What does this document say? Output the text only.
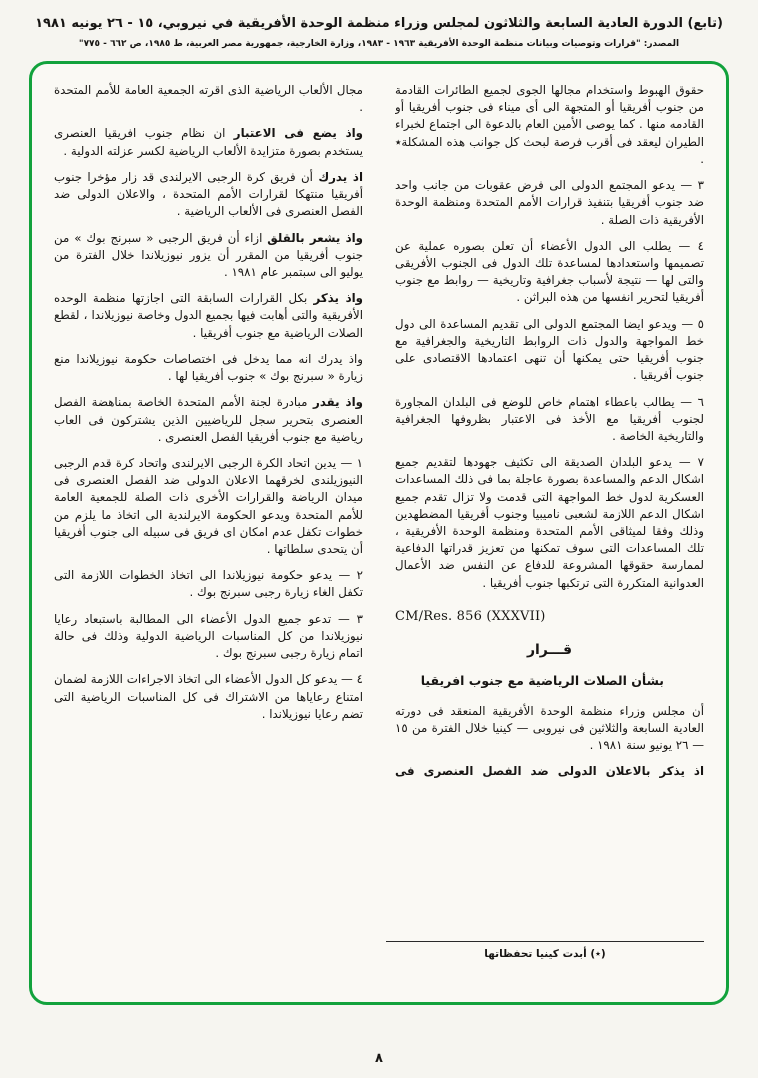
(تابع) الدورة العادية السابعة والثلاثون لمجلس وزراء منظمة الوحدة الأفريقية في نيروبي، ١٥ - ٢٦ يونيه ١٩٨١
المصدر: "قرارات وتوصيات وبيانات منظمة الوحدة الأفريقية ١٩٦٣ - ١٩٨٣، وزارة الخارجية، جمهورية مصر العربية، ط ١٩٨٥، ص ٦٦٢ - ٧٧٥"

حقوق الهبوط واستخدام مجالها الجوى لجميع الطائرات القادمة من جنوب أفريقيا أو المتجهة الى أى ميناء فى جنوب أفريقيا أو القادمه منها . كما يوصى الأمين العام بالدعوة الى اجتماع لخبراء الطيران ليعقد فى أقرب فرصة لبحث كل جوانب هذه المشكلة٭ .

٣ — يدعو المجتمع الدولى الى فرض عقوبات من جانب واحد ضد جنوب أفريقيا بتنفيذ قرارات الأمم المتحدة ومنظمة الوحدة الأفريقية ذات الصلة .

٤ — يطلب الى الدول الأعضاء أن تعلن بصوره عملية عن تصميمها واستعدادها لمساعدة تلك الدول فى الجنوب الأفريقى والتى لها — نتيجة لأسباب جغرافية وتاريخية — روابط مع جنوب أفريقيا لتحرير انفسها من هذه البراثن .

٥ — ويدعو ايضا المجتمع الدولى الى تقديم المساعدة الى دول خط المواجهة والدول ذات الروابط التاريخية والجغرافية مع جنوب أفريقيا حتى يمكنها أن تنهى اعتمادها الاقتصادى على جنوب أفريقيا .

٦ — يطالب باعطاء اهتمام خاص للوضع فى البلدان المجاورة لجنوب أفريقيا مع الأخذ فى الاعتبار بظروفها الجغرافية والتاريخية الخاصة .

٧ — يدعو البلدان الصديقة الى تكثيف جهودها لتقديم جميع اشكال الدعم والمساعدة بصورة عاجلة بما فى ذلك المساعدات العسكرية لدول خط المواجهة التى قدمت ولا تزال تقدم جميع اشكال الدعم اللازمة لشعبى ناميبيا وجنوب أفريقيا المضطهدين وذلك وفقا لميثاقى الأمم المتحدة ومنظمة الوحدة الأفريقية ، تلك المساعدات التى سوف تمكنها من تعزيز قدراتها الدفاعية لممارسة حقوقها المشروعة للدفاع عن النفس ضد الأعمال العدوانية المتكررة التى ترتكبها جنوب أفريقيا .

CM/Res. 856 (XXXVII)
قـــرار
بشأن الصلات الرياضية مع جنوب افريقيا

أن مجلس وزراء منظمة الوحدة الأفريقية المنعقد فى دورته العادية السابعة والثلاثين فى نيروبى — كينيا خلال الفترة من ١٥ — ٢٦ يونيو سنة ١٩٨١ .

اذ يذكر بالاعلان الدولى ضد الفصل العنصرى فى

مجال الألعاب الرياضية الذى اقرته الجمعية العامة للأمم المتحدة .

واذ يضع فى الاعتبار ان نظام جنوب افريقيا العنصرى يستخدم بصورة متزايدة الألعاب الرياضية لكسر عزلته الدولية .

اذ يدرك أن فريق كرة الرجبى الايرلندى قد زار مؤخرا جنوب أفريقيا منتهكا لقرارات الأمم المتحدة ، والاعلان الدولى ضد الفصل العنصرى فى الألعاب الرياضية .

واذ يشعر بالقلق ازاء أن فريق الرجبى « سبرنج بوك » من جنوب أفريقيا من المقرر أن يزور نيوزيلاندا خلال الفترة من يوليو الى سبتمبر عام ١٩٨١ .

واذ يذكر بكل القرارات السابقة التى اجازتها منظمة الوحده الأفريقية والتى أهابت فيها بجميع الدول وخاصة نيوزيلاندا ، لقطع الصلات الرياضية مع جنوب أفريقيا .

واذ يدرك انه مما يدخل فى اختصاصات حكومة نيوزيلاندا منع زيارة « سبرنج بوك » جنوب أفريقيا لها .

واذ يقدر مبادرة لجنة الأمم المتحدة الخاصة بمناهضة الفصل العنصرى بتحرير سجل للرياضيين الذين يشتركون فى العاب رياضية مع جنوب أفريقيا الفصل العنصرى .

١ — يدين اتحاد الكرة الرجبى الايرلندى واتحاد كرة قدم الرجبى النيوزيلندى لخرقهما الاعلان الدولى ضد الفصل العنصرى فى ميدان الرياضة والقرارات الأخرى ذات الصلة للجمعية العامة للأمم المتحدة ويدعو الحكومة الايرلندية الى اتخاذ ما يلزم من خطوات تكفل عدم امكان اى فريق فى سبيله الى جنوب أفريقيا أن يتحدى سلطاتها .

٢ — يدعو حكومة نيوزيلاندا الى اتخاذ الخطوات اللازمة التى تكفل الغاء زيارة رجبى سبرنج بوك .

٣ — تدعو جميع الدول الأعضاء الى المطالبة باستبعاد رعايا نيوزيلاندا من كل المناسبات الرياضية الدولية وذلك فى حالة اتمام زيارة رجبى سبرنج بوك .

٤ — يدعو كل الدول الأعضاء الى اتخاذ الاجراءات اللازمة لضمان امتناع رعاياها من الاشتراك فى كل المناسبات الرياضية التى تضم رعايا نيوزيلاندا .

(٭) أبدت كينيا تحفظاتها
٨
